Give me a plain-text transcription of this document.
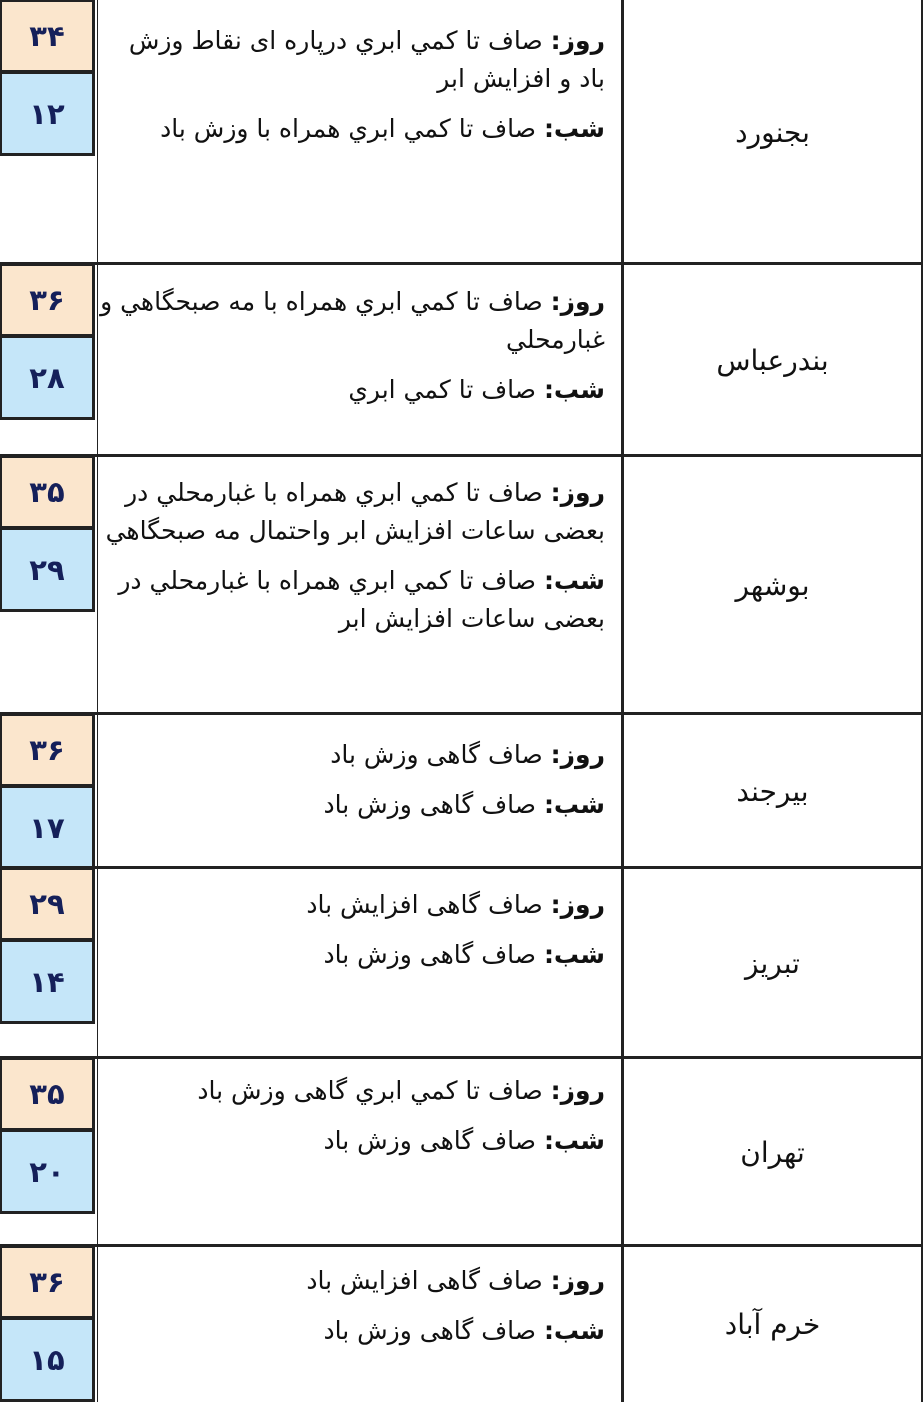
بجنورد

روز: صاف تا کمي ابري درپاره ای نقاط وزش باد و افزايش ابر

شب: صاف تا کمي ابري همراه با وزش باد

۳۴
۱۲
بندرعباس

روز: صاف تا کمي ابري همراه با مه صبحگاهي و غبارمحلي

شب: صاف تا کمي ابري

۳۶
۲۸
بوشهر

روز: صاف تا کمي ابري همراه با غبارمحلي در بعضی ساعات افزايش ابر واحتمال مه صبحگاهي

شب: صاف تا کمي ابري همراه با غبارمحلي در بعضی ساعات افزايش ابر

۳۵
۲۹
بيرجند

روز: صاف گاهی وزش باد

شب: صاف گاهی وزش باد

۳۶
۱۷
تبريز

روز: صاف گاهی افزايش باد

شب: صاف گاهی وزش باد

۲۹
۱۴
تهران

روز: صاف تا کمي ابري گاهی وزش باد

شب: صاف گاهی وزش باد

۳۵
۲۰
خرم آباد

روز: صاف گاهی افزايش باد

شب: صاف گاهی وزش باد

۳۶
۱۵
